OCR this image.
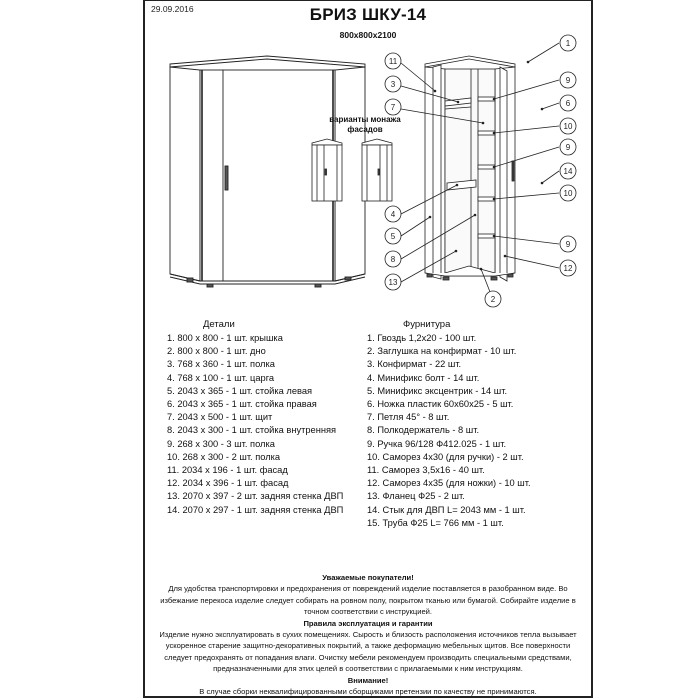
29.09.2016	БРИЗ ШКУ-14
800x800x2100
11
3
7
4
5
8
13
1
9
6
10
9
14
10
9
12
2
варианты монажа
фасадов
Детали
1. 800 x 800 - 1 шт. крышка
2. 800 x 800 - 1 шт. дно
3. 768 x 360 - 1 шт. полка
4. 768 x 100 - 1 шт. царга
5. 2043 x 365 - 1 шт. стойка левая
6. 2043 x 365 - 1 шт. стойка правая
7. 2043 x 500 - 1 шт. щит
8. 2043 x 300 - 1 шт. стойка внутренняя
9. 268 x 300 - 3 шт. полка
10. 268 x 300 - 2 шт. полка
11. 2034 x 196 - 1 шт. фасад
12. 2034 x 396 - 1 шт. фасад
13. 2070 x 397 - 2 шт. задняя стенка ДВП
14. 2070 x 297 - 1 шт. задняя стенка ДВП
Фурнитура
1. Гвоздь 1,2x20 - 100 шт.
2. Заглушка на конфирмат - 10 шт.
3. Конфирмат - 22 шт.
4. Минификс болт - 14 шт.
5. Минификс эксцентрик - 14 шт.
6. Ножка пластик 60x60x25 - 5 шт.
7. Петля 45° - 8 шт.
8. Полкодержатель - 8 шт.
9. Ручка 96/128 Ф412.025 - 1 шт.
10. Саморез 4x30 (для ручки) - 2 шт.
11. Саморез 3,5x16 - 40 шт.
12. Саморез 4x35 (для ножки) - 10 шт.
13. Фланец Ф25 - 2 шт.
14. Стык для ДВП L= 2043 мм - 1 шт.
15. Труба Ф25 L= 766 мм - 1 шт.
Уважаемые покупатели!
Для удобства транспортировки и предохранения от повреждений изделие поставляется в разобранном виде. Во
избежание перекоса изделие следует собирать на ровном полу, покрытом тканью или бумагой. Собирайте изделие в
точном соответствии с инструкцией.
Правила эксплуатация и гарантии
Изделие нужно эксплуатировать в сухих помещениях. Сырость и близость расположения источников тепла вызывает
ускоренное старение защитно-декоративных покрытий, а также деформацию мебельных щитов. Все поверхности
следует предохранять от попадания влаги. Очистку мебели рекомендуем производить специальными средствами,
предназначенными для этих целей в соответствии с прилагаемыми к ним инструкциям.
Внимание!
В случае сборки неквалифицированными сборщиками претензии по качеству не принимаются.
